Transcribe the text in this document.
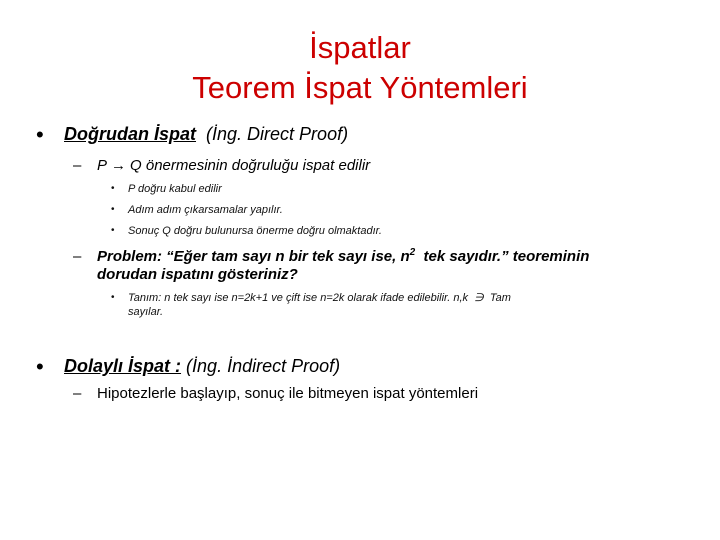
İspatlar
Teorem İspat Yöntemleri
• Doğrudan İspat (İng. Direct Proof)
– P → Q önermesinin doğruluğu ispat edilir
• P doğru kabul edilir
• Adım adım çıkarsamalar yapılır.
• Sonuç Q doğru bulunursa önerme doğru olmaktadır.
– Problem: “Eğer tam sayı n bir tek sayı ise, $n^2$ tek sayıdır.” teoreminin
dorudan ispatını gösteriniz?
• Tanım: n tek sayı ise n=2k+1 ve çift ise n=2k olarak ifade edilebilir. n,k ∋ Tam
sayılar.
• Dolaylı İspat : (İng. İndirect Proof)
– Hipotezlerle başlayıp, sonuç ile bitmeyen ispat yöntemleri
